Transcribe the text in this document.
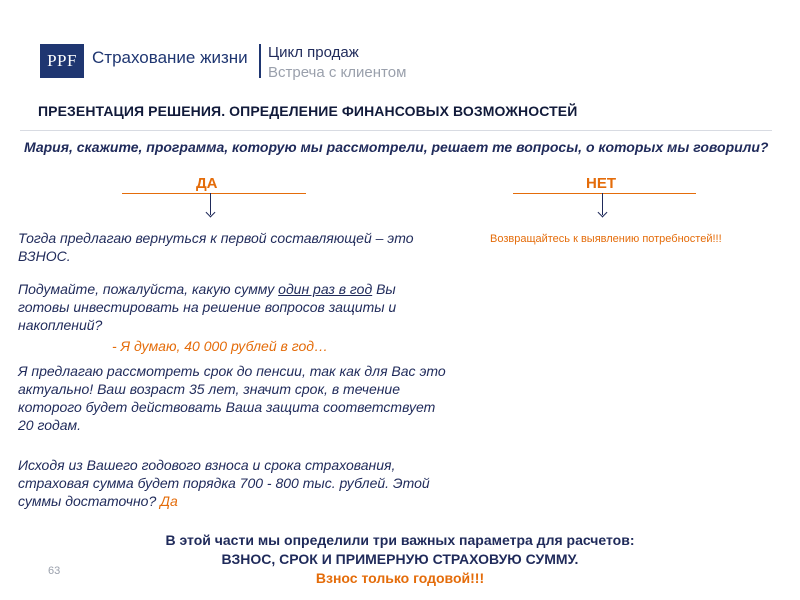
PPF Страхование жизни Цикл продаж
Встреча с клиентом
ПРЕЗЕНТАЦИЯ РЕШЕНИЯ. ОПРЕДЕЛЕНИЕ ФИНАНСОВЫХ ВОЗМОЖНОСТЕЙ
Мария, скажите, программа, которую мы рассмотрели, решает те вопросы, о которых мы говорили?
ДА	НЕТ
Тогда предлагаю вернуться к первой составляющей – это ВЗНОС.
Подумайте, пожалуйста, какую сумму один раз в год Вы готовы инвестировать на решение вопросов защиты и накоплений?
- Я думаю, 40 000 рублей в год…
Я предлагаю рассмотреть срок до пенсии, так как для Вас это актуально! Ваш возраст 35 лет, значит срок, в течение которого будет действовать Ваша защита соответствует 20 годам.
Исходя из Вашего годового взноса и срока страхования, страховая сумма будет порядка 700 - 800 тыс. рублей. Этой суммы достаточно? Да
Возвращайтесь к выявлению потребностей!!!
В этой части мы определили три важных параметра для расчетов:
ВЗНОС, СРОК И ПРИМЕРНУЮ СТРАХОВУЮ СУММУ.
Взнос только годовой!!!
63
